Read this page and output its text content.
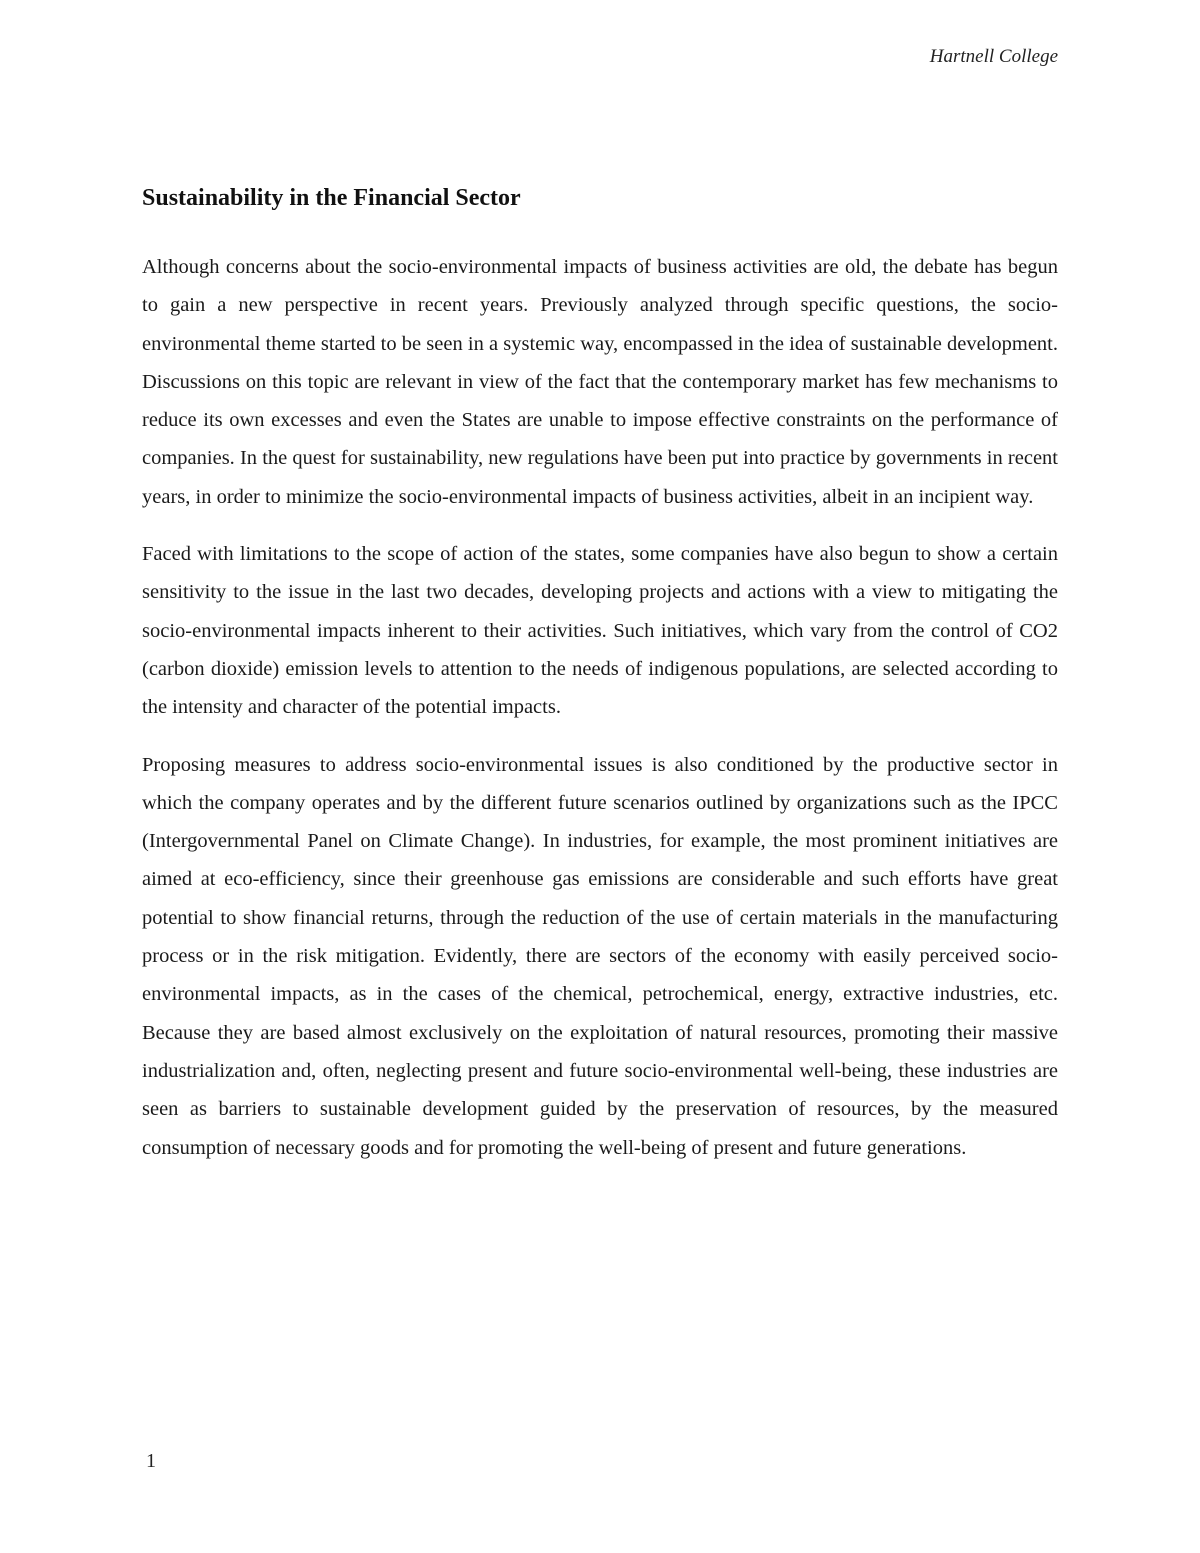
Hartnell College
Sustainability in the Financial Sector

Although concerns about the socio-environmental impacts of business activities are old, the debate has begun to gain a new perspective in recent years. Previously analyzed through specific questions, the socio-environmental theme started to be seen in a systemic way, encompassed in the idea of sustainable development. Discussions on this topic are relevant in view of the fact that the contemporary market has few mechanisms to reduce its own excesses and even the States are unable to impose effective constraints on the performance of companies. In the quest for sustainability, new regulations have been put into practice by governments in recent years, in order to minimize the socio-environmental impacts of business activities, albeit in an incipient way.

Faced with limitations to the scope of action of the states, some companies have also begun to show a certain sensitivity to the issue in the last two decades, developing projects and actions with a view to mitigating the socio-environmental impacts inherent to their activities. Such initiatives, which vary from the control of CO2 (carbon dioxide) emission levels to attention to the needs of indigenous populations, are selected according to the intensity and character of the potential impacts.

Proposing measures to address socio-environmental issues is also conditioned by the productive sector in which the company operates and by the different future scenarios outlined by organizations such as the IPCC (Intergovernmental Panel on Climate Change). In industries, for example, the most prominent initiatives are aimed at eco-efficiency, since their greenhouse gas emissions are considerable and such efforts have great potential to show financial returns, through the reduction of the use of certain materials in the manufacturing process or in the risk mitigation. Evidently, there are sectors of the economy with easily perceived socio-environmental impacts, as in the cases of the chemical, petrochemical, energy, extractive industries, etc. Because they are based almost exclusively on the exploitation of natural resources, promoting their massive industrialization and, often, neglecting present and future socio-environmental well-being, these industries are seen as barriers to sustainable development guided by the preservation of resources, by the measured consumption of necessary goods and for promoting the well-being of present and future generations.

1
